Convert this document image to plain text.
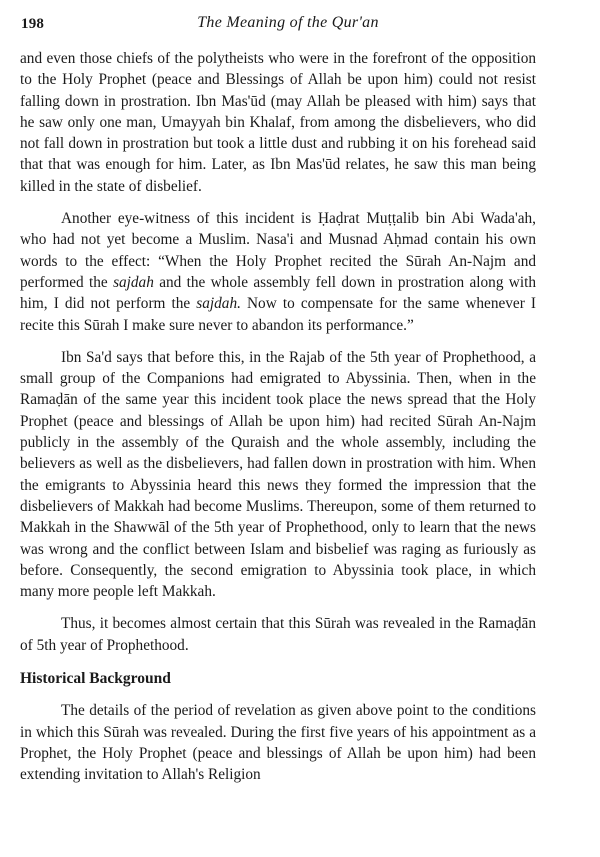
198	The Meaning of the Qur'an

and even those chiefs of the polytheists who were in the forefront of the opposition to the Holy Prophet (peace and Blessings of Allah be upon him) could not resist falling down in prostration. Ibn Mas'ūd (may Allah be pleased with him) says that he saw only one man, Umayyah bin Khalaf, from among the disbelievers, who did not fall down in prostration but took a little dust and rubbing it on his forehead said that that was enough for him. Later, as Ibn Mas'ūd relates, he saw this man being killed in the state of disbelief.

Another eye-witness of this incident is Ḥaḍrat Muṭṭalib bin Abi Wada'ah, who had not yet become a Muslim. Nasa'i and Musnad Aḥmad contain his own words to the effect: “When the Holy Prophet recited the Sūrah An-Najm and performed the sajdah and the whole assembly fell down in prostration along with him, I did not perform the sajdah. Now to compensate for the same whenever I recite this Sūrah I make sure never to abandon its performance.”

Ibn Sa'd says that before this, in the Rajab of the 5th year of Prophethood, a small group of the Companions had emigrated to Abyssinia. Then, when in the Ramaḍān of the same year this incident took place the news spread that the Holy Prophet (peace and blessings of Allah be upon him) had recited Sūrah An-Najm publicly in the assembly of the Quraish and the whole assembly, including the believers as well as the disbelievers, had fallen down in prostration with him. When the emigrants to Abyssinia heard this news they formed the impression that the disbelievers of Makkah had become Muslims. Thereupon, some of them returned to Makkah in the Shawwāl of the 5th year of Prophethood, only to learn that the news was wrong and the conflict between Islam and bisbelief was raging as furiously as before. Consequently, the second emigration to Abyssinia took place, in which many more people left Makkah.

Thus, it becomes almost certain that this Sūrah was revealed in the Ramaḍān of 5th year of Prophethood.

Historical Background

The details of the period of revelation as given above point to the conditions in which this Sūrah was revealed. During the first five years of his appointment as a Prophet, the Holy Prophet (peace and blessings of Allah be upon him) had been extending invitation to Allah's Religion
